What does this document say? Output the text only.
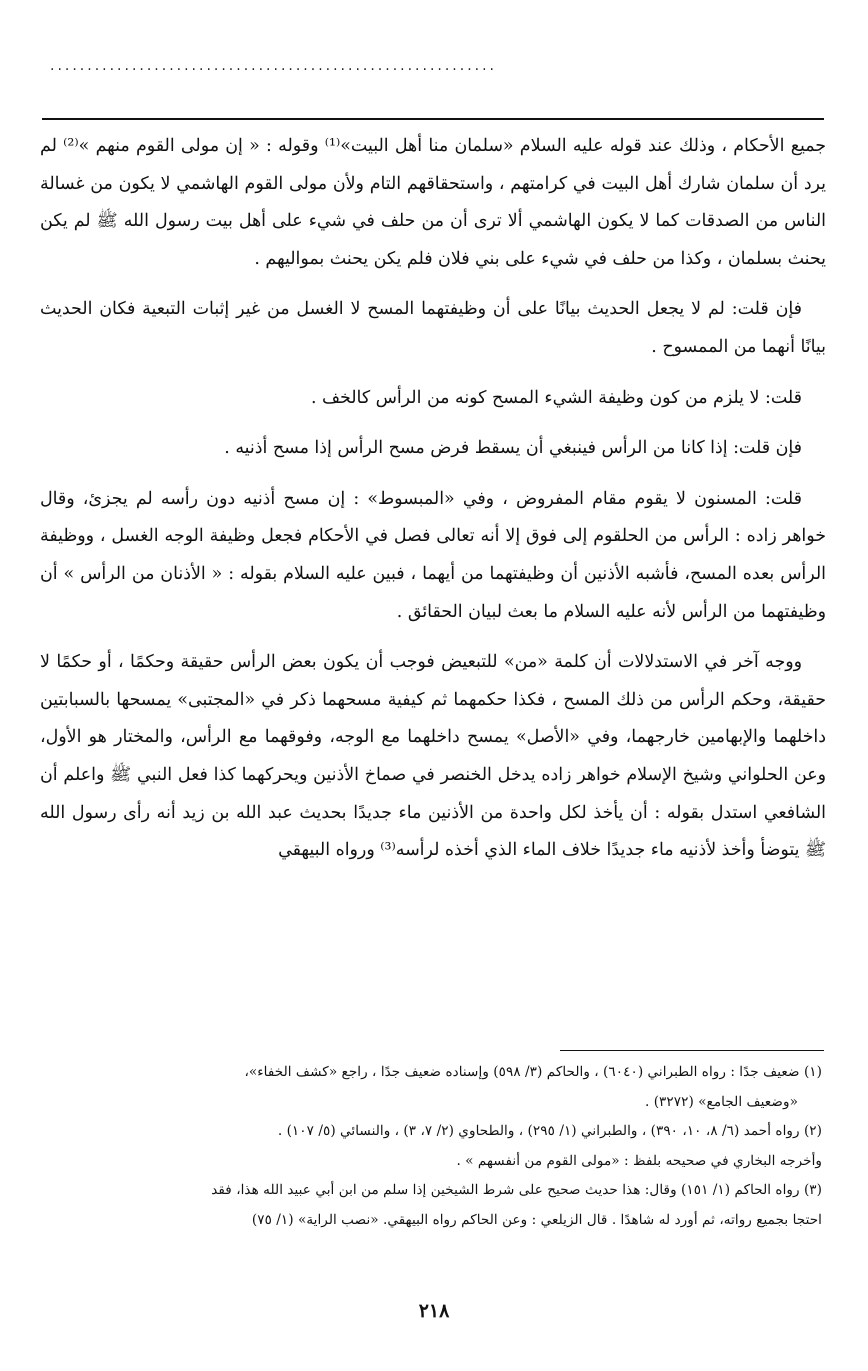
............................................................

جميع الأحكام ، وذلك عند قوله عليه السلام «سلمان منا أهل البيت»⁽¹⁾ وقوله : « إن مولى القوم منهم »⁽²⁾ لم يرد أن سلمان شارك أهل البيت في كرامتهم ، واستحقاقهم التام ولأن مولى القوم الهاشمي لا يكون من غسالة الناس من الصدقات كما لا يكون الهاشمي ألا ترى أن من حلف في شيء على أهل بيت رسول الله ﷺ لم يكن يحنث بسلمان ، وكذا من حلف في شيء على بني فلان فلم يكن يحنث بمواليهم .

فإن قلت: لم لا يجعل الحديث بيانًا على أن وظيفتهما المسح لا الغسل من غير إثبات التبعية فكان الحديث بيانًا أنهما من الممسوح .

قلت: لا يلزم من كون وظيفة الشيء المسح كونه من الرأس كالخف .

فإن قلت: إذا كانا من الرأس فينبغي أن يسقط فرض مسح الرأس إذا مسح أذنيه .

قلت: المسنون لا يقوم مقام المفروض ، وفي «المبسوط» : إن مسح أذنيه دون رأسه لم يجزئ، وقال خواهر زاده : الرأس من الحلقوم إلى فوق إلا أنه تعالى فصل في الأحكام فجعل وظيفة الوجه الغسل ، ووظيفة الرأس بعده المسح، فأشبه الأذنين أن وظيفتهما من أيهما ، فبين عليه السلام بقوله : « الأذنان من الرأس » أن وظيفتهما من الرأس لأنه عليه السلام ما بعث لبيان الحقائق .

ووجه آخر في الاستدلالات أن كلمة «من» للتبعيض فوجب أن يكون بعض الرأس حقيقة وحكمًا ، أو حكمًا لا حقيقة، وحكم الرأس من ذلك المسح ، فكذا حكمهما ثم كيفية مسحهما ذكر في «المجتبى» يمسحها بالسبابتين داخلهما والإبهامين خارجهما، وفي «الأصل» يمسح داخلهما مع الوجه، وفوقهما مع الرأس، والمختار هو الأول، وعن الحلواني وشيخ الإسلام خواهر زاده يدخل الخنصر في صماخ الأذنين ويحركهما كذا فعل النبي ﷺ واعلم أن الشافعي استدل بقوله : أن يأخذ لكل واحدة من الأذنين ماء جديدًا بحديث عبد الله بن زيد أنه رأى رسول الله ﷺ يتوضأ وأخذ لأذنيه ماء جديدًا خلاف الماء الذي أخذه لرأسه⁽³⁾ ورواه البيهقي

(١) ضعيف جدًا : رواه الطبراني (٦٠٤٠) ، والحاكم (٣/ ٥٩٨) وإسناده ضعيف جدًا ، راجع «كشف الخفاء»،

«وضعيف الجامع» (٣٢٧٢) .

(٢) رواه أحمد (٦/ ٨، ١٠، ٣٩٠) ، والطبراني (١/ ٢٩٥) ، والطحاوي (٢/ ٧، ٣) ، والنسائي (٥/ ١٠٧) .

وأخرجه البخاري في صحيحه بلفظ : «مولى القوم من أنفسهم » .

(٣) رواه الحاكم (١/ ١٥١) وقال: هذا حديث صحيح على شرط الشيخين إذا سلم من ابن أبي عبيد الله هذا، فقد

احتجا بجميع رواته، ثم أورد له شاهدًا . قال الزيلعي : وعن الحاكم رواه البيهقي. «نصب الراية» (١/ ٧٥)

٢١٨
